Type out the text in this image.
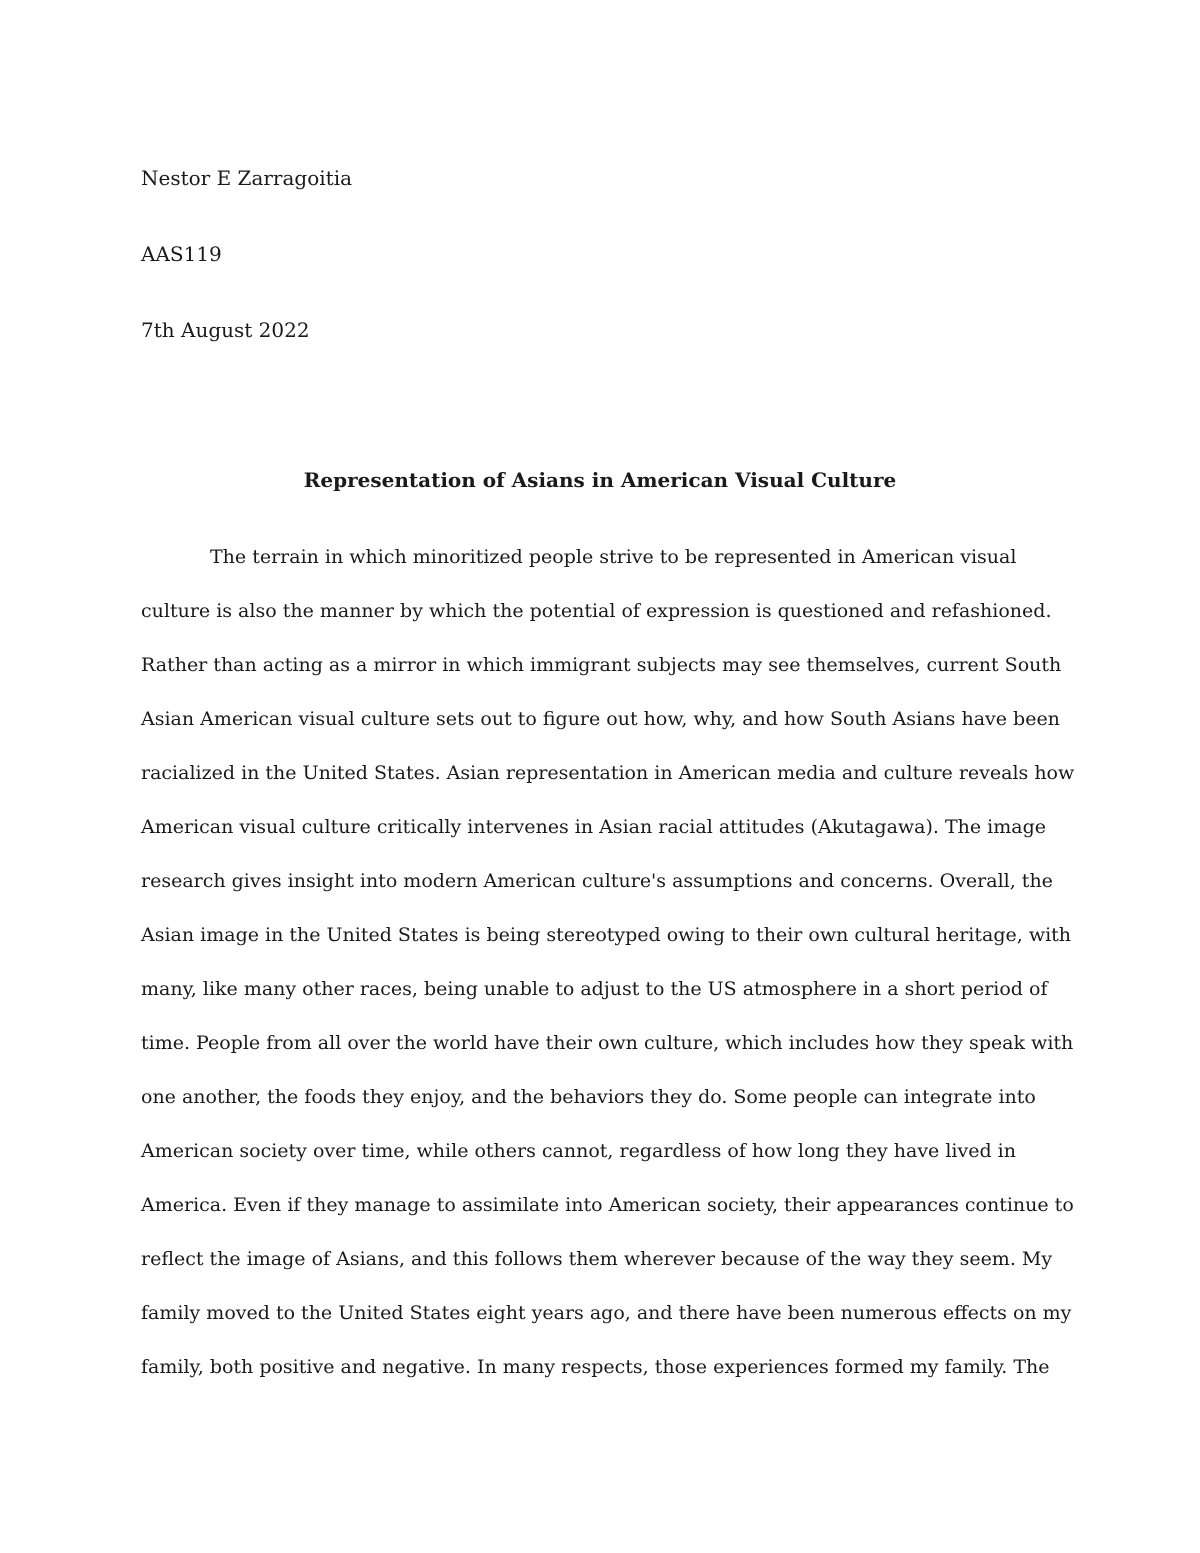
Nestor E Zarragoitia
AAS119
7th August 2022
Representation of Asians in American Visual Culture
The terrain in which minoritized people strive to be represented in American visual
culture is also the manner by which the potential of expression is questioned and refashioned.
Rather than acting as a mirror in which immigrant subjects may see themselves, current South
Asian American visual culture sets out to figure out how, why, and how South Asians have been
racialized in the United States. Asian representation in American media and culture reveals how
American visual culture critically intervenes in Asian racial attitudes (Akutagawa). The image
research gives insight into modern American culture's assumptions and concerns. Overall, the
Asian image in the United States is being stereotyped owing to their own cultural heritage, with
many, like many other races, being unable to adjust to the US atmosphere in a short period of
time. People from all over the world have their own culture, which includes how they speak with
one another, the foods they enjoy, and the behaviors they do. Some people can integrate into
American society over time, while others cannot, regardless of how long they have lived in
America. Even if they manage to assimilate into American society, their appearances continue to
reflect the image of Asians, and this follows them wherever because of the way they seem. My
family moved to the United States eight years ago, and there have been numerous effects on my
family, both positive and negative. In many respects, those experiences formed my family. The
